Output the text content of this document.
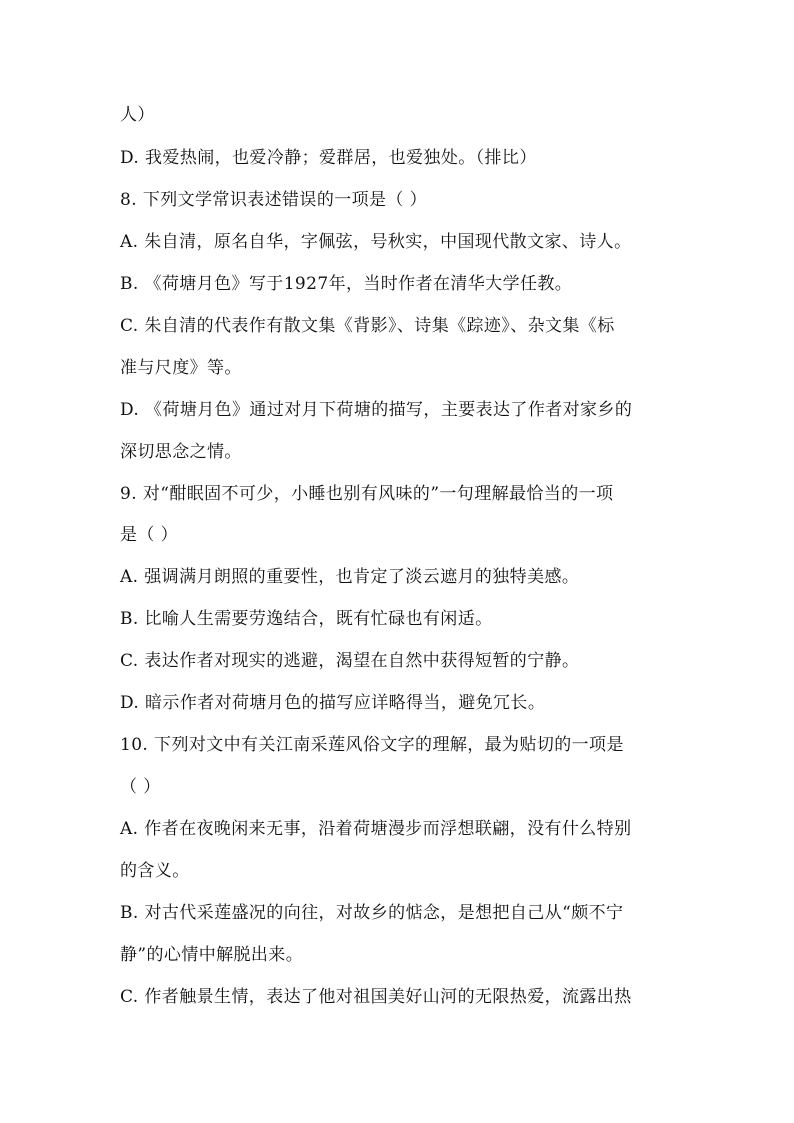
人）
D. 我爱热闹，也爱冷静；爱群居，也爱独处。（排比）
8. 下列文学常识表述错误的一项是（ ）
A. 朱自清，原名自华，字佩弦，号秋实，中国现代散文家、诗人。
B. 《荷塘月色》写于1927年，当时作者在清华大学任教。
C. 朱自清的代表作有散文集《背影》、诗集《踪迹》、杂文集《标
准与尺度》等。
D. 《荷塘月色》通过对月下荷塘的描写，主要表达了作者对家乡的
深切思念之情。
9. 对“酣眠固不可少，小睡也别有风味的”一句理解最恰当的一项
是（ ）
A. 强调满月朗照的重要性，也肯定了淡云遮月的独特美感。
B. 比喻人生需要劳逸结合，既有忙碌也有闲适。
C. 表达作者对现实的逃避，渴望在自然中获得短暂的宁静。
D. 暗示作者对荷塘月色的描写应详略得当，避免冗长。
10. 下列对文中有关江南采莲风俗文字的理解，最为贴切的一项是
（ ）
A. 作者在夜晚闲来无事，沿着荷塘漫步而浮想联翩，没有什么特别
的含义。
B. 对古代采莲盛况的向往，对故乡的惦念，是想把自己从“颇不宁
静”的心情中解脱出来。
C. 作者触景生情，表达了他对祖国美好山河的无限热爱，流露出热
